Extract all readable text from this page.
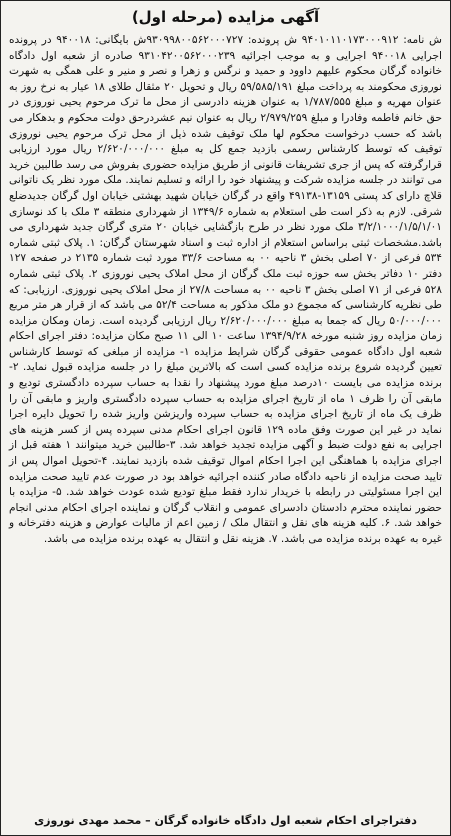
آگهی مزایده (مرحله اول)

ش نامه: ۹۴۰۱۰۱۱۰۱۷۳۰۰۰۹۱۲ ش پرونده: ۹۳۰۹۹۸۰۰۵۶۲۰۰۰۷۲۷ش بایگانی: ۹۴۰۰۱۸ در پرونده اجرایی ۹۴۰۰۱۸ اجرایی و به موجب اجرائیه ۹۳۱۰۴۲۰۰۵۶۲۰۰۰۲۳۹ صادره از شعبه اول دادگاه خانواده گرگان محکوم علیهم داوود و حمید و نرگس و زهرا و نصر و منیر و علی همگی به شهرت نوروزی محکومند به پرداخت مبلغ ۵۹/۵۸۵/۱۹۱ ریال و تحویل ۲۰ مثقال طلای ۱۸ عیار به نرخ روز به عنوان مهریه و مبلغ ۱/۷۸۷/۵۵۵ به عنوان هزینه دادرسی از محل ما ترک مرحوم یحیی نوروزی در حق خانم فاطمه وفادرا و مبلغ ۲/۹۷۹/۲۵۹ ریال به عنوان نیم عشردرحق دولت محکوم و بدهکار می باشد که حسب درخواست محکوم لها ملک توقیف شده ذیل از محل ترک مرحوم یحیی نوروزی توقیف که توسط کارشناس رسمی بازدید جمع کل به مبلغ ۲/۶۲۰/۰۰۰/۰۰۰ ریال مورد ارزیابی قرارگرفته که پس از جری تشریفات قانونی از طریق مزایده حضوری بفروش می رسد طالبین خرید می توانند در جلسه مزایده شرکت و پیشنهاد خود را ارائه و تسلیم نمایند. ملک مورد نظر یک ناتوانی قلاچ دارای کد پستی ۱۳۱۵۹-۴۹۱۳۸ واقع در گرگان خیابان شهید بهشتی خیابان اول گرگان جدیدضلع شرقی. لازم به ذکر است طی استعلام به شماره ۱۳۴۹/۶ از شهرداری منطقه ۳ ملک با کد نوسازی ۳/۲/۱۰۰۰/۱/۵/۱/۰۱ ملک مورد نظر در طرح بازگشایی خیابان ۲۰ متری گرگان جدید شهرداری می باشد.مشخصات ثبتی براساس استعلام از اداره ثبت و اسناد شهرستان گرگان: ۱. پلاک ثبتی شماره ۵۳۴ فرعی از ۷۰ اصلی بخش ۳ ناحیه ۰۰ به مساحت ۳۳/۶ مورد ثبت شماره ۲۱۳۵ در صفحه ۱۲۷ دفتر ۱۰ دفاتر بخش سه حوزه ثبت ملک گرگان از محل املاک یحیی نوروزی ۲. پلاک ثبتی شماره ۵۲۸ فرعی از ۷۱ اصلی بخش ۳ ناحیه ۰۰ به مساحت ۲۷/۸ از محل املاک یحیی نوروزی. ارزیابی: که طی نظریه کارشناسی که مجموع دو ملک مذکور به مساحت ۵۲/۴ می باشد که از قرار هر متر مربع ۵۰/۰۰۰/۰۰۰ ریال که جمعا به مبلغ ۲/۶۲۰/۰۰۰/۰۰۰ ریال ارزیابی گردیده است. زمان ومکان مزایده زمان مزایده روز شنبه مورخه ۱۳۹۴/۹/۲۸ ساعت ۱۰ الی ۱۱ صبح مکان مزایده: دفتر اجرای احکام شعبه اول دادگاه عمومی حقوقی گرگان شرایط مزایده ۱- مزایده از مبلغی که توسط کارشناس تعیین گردیده شروع برنده مزایده کسی است که بالاترین مبلغ را در جلسه مزایده قبول نماید. ۲- برنده مزایده می بایست ۱۰درصد مبلغ مورد پیشنهاد را نقدا به حساب سپرده دادگستری تودیع و مابقی آن را ظرف ۱ ماه از تاریخ اجرای مزایده به حساب سپرده دادگستری واریز و مابقی آن را ظرف یک ماه از تاریخ اجرای مزایده به حساب سپرده واریزشن واریز شده را تحویل دایره اجرا نماید در غیر این صورت وفق ماده ۱۲۹ قانون اجرای احکام مدنی سپرده پس از کسر هزینه های اجرایی به نفع دولت ضبط و آگهی مزایده تجدید خواهد شد. ۳-طالبین خرید میتوانند ۱ هفته قبل از اجرای مزایده با هماهنگی این اجرا احکام اموال توقیف شده بازدید نمایند. ۴-تحویل اموال پس از تایید صحت مزایده از ناحیه دادگاه صادر کننده اجرائیه خواهد بود در صورت عدم تایید صحت مزایده این اجرا مسئولیتی در رابطه با خریدار ندارد فقط مبلغ تودیع شده عودت خواهد شد. ۵- مزایده با حضور نماینده محترم دادستان دادسرای عمومی و انقلاب گرگان و نماینده اجرای احکام مدنی انجام خواهد شد. ۶. کلیه هزینه های نقل و انتقال ملک / زمین اعم از مالیات عوارض و هزینه دفترخانه و غیره به عهده برنده مزایده می باشد. ۷. هزینه نقل و انتقال به عهده برنده مزایده می باشد.

دفتراجرای احکام شعبه اول دادگاه خانواده گرگان – محمد مهدی نوروزی
